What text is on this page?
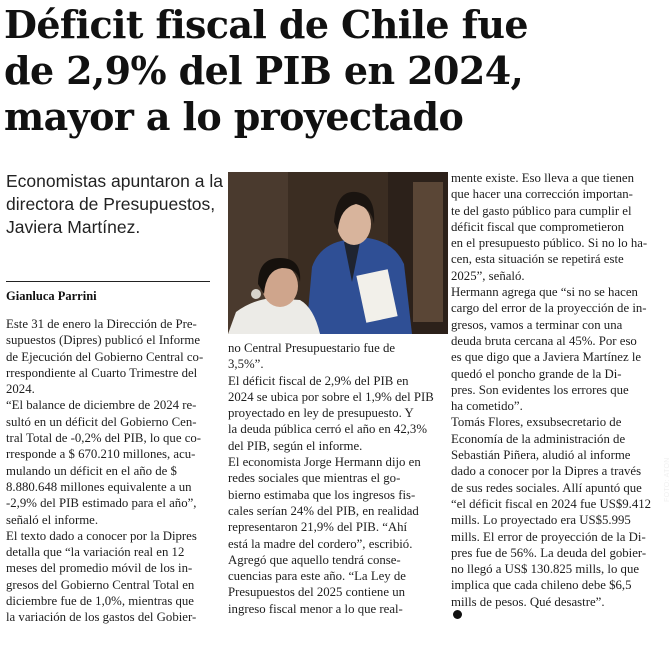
Déficit fiscal de Chile fue
de 2,9% del PIB en 2024,
mayor a lo proyectado

Economistas apuntaron a la
directora de Presupuestos,
Javiera Martínez.

FOTO: ATON
Gianluca Parrini
Este 31 de enero la Dirección de Pre-
supuestos (Dipres) publicó el Informe
de Ejecución del Gobierno Central co-
rrespondiente al Cuarto Trimestre del
2024.
“El balance de diciembre de 2024 re-
sultó en un déficit del Gobierno Cen-
tral Total de -0,2% del PIB, lo que co-
rresponde a $ 670.210 millones, acu-
mulando un déficit en el año de $
8.880.648 millones equivalente a un
-2,9% del PIB estimado para el año”,
señaló el informe.
El texto dado a conocer por la Dipres
detalla que “la variación real en 12
meses del promedio móvil de los in-
gresos del Gobierno Central Total en
diciembre fue de 1,0%, mientras que
la variación de los gastos del Gobier-
no Central Presupuestario fue de
3,5%”.
El déficit fiscal de 2,9% del PIB en
2024 se ubica por sobre el 1,9% del PIB
proyectado en ley de presupuesto. Y
la deuda pública cerró el año en 42,3%
del PIB, según el informe.
El economista Jorge Hermann dijo en
redes sociales que mientras el go-
bierno estimaba que los ingresos fis-
cales serían 24% del PIB, en realidad
representaron 21,9% del PIB. “Ahí
está la madre del cordero”, escribió.
Agregó que aquello tendrá conse-
cuencias para este año. “La Ley de
Presupuestos del 2025 contiene un
ingreso fiscal menor a lo que real-
mente existe. Eso lleva a que tienen
que hacer una corrección importan-
te del gasto público para cumplir el
déficit fiscal que comprometieron
en el presupuesto público. Si no lo ha-
cen, esta situación se repetirá este
2025”, señaló.
Hermann agrega que “si no se hacen
cargo del error de la proyección de in-
gresos, vamos a terminar con una
deuda bruta cercana al 45%. Por eso
es que digo que a Javiera Martínez le
quedó el poncho grande de la Di-
pres. Son evidentes los errores que
ha cometido”.
Tomás Flores, exsubsecretario de
Economía de la administración de
Sebastián Piñera, aludió al informe
dado a conocer por la Dipres a través
de sus redes sociales. Allí apuntó que
“el déficit fiscal en 2024 fue US$9.412
mills. Lo proyectado era US$5.995
mills. El error de proyección de la Di-
pres fue de 56%. La deuda del gobier-
no llegó a US$ 130.825 mills, lo que
implica que cada chileno debe $6,5
mills de pesos. Qué desastre”.
